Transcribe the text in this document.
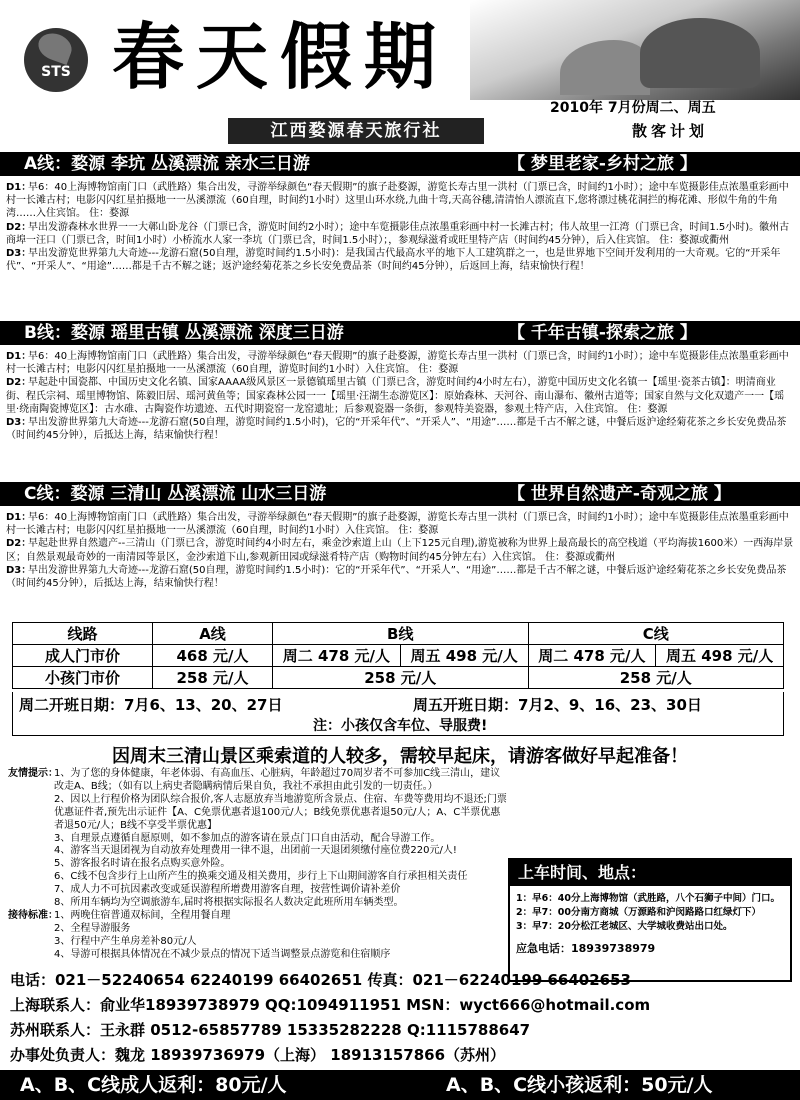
STS 春天假期
江西婺源春天旅行社
2010年 7月份周二、周五
散客计划
A线：婺源 李坑 丛溪漂流 亲水三日游	【 梦里老家-乡村之旅 】

D1：早6：40上海博物馆南门口（武胜路）集合出发，寻游举绿颜色“春天假期”的旗子赴婺源，游览长寿古里一洪村（门票已含，时间约1小时）；途中车览摄影佳点浓墨重彩画中村一长滩古村；电影闪闪红星拍摄地一一丛溪漂流（60自理，时间约1小时）这里山环水绕,九曲十弯,天高谷穗,清清怡人漂流直下,您将漂过桃花洞拦的梅花滩、形似牛角的牛角湾……入住宾馆。 住：婺源

D2：早出发游森林水世界一一大鄣山卧龙谷（门票已含，游览时间约2小时）；途中车览摄影佳点浓墨重彩画中村一长滩古村；伟人故里一江湾（门票已含，时间1.5小时)。徽州古商埠一汪口（门票已含，时间1小时）小桥流水人家一李坑（门票已含，时间1.5小时）；，参观绿滋肴或旺里特产店（时间约45分钟），后入住宾馆。 住：婺源或衢州

D3：早出发游览世界第九大奇迹---龙游石窟(50自理，游览时间约1.5小时)：是我国古代最高水平的地下人工建筑群之一，也是世界地下空间开发利用的一大奇观。它的“开采年代”、“开采人”、“用途”……都是千古不解之谜；返沪途经菊花茶之乡长安免费品茶（时间约45分钟），后返回上海，结束愉快行程！

B线：婺源 瑶里古镇 丛溪漂流 深度三日游	【 千年古镇-探索之旅 】

D1：早6：40上海博物馆南门口（武胜路）集合出发，寻游举绿颜色“春天假期”的旗子赴婺源，游览长寿古里一洪村（门票已含，时间约1小时）；途中车览摄影佳点浓墨重彩画中村一长滩古村；电影闪闪红星拍摄地一一丛溪漂流（60自理，游览时间约1小时）入住宾馆。 住：婺源

D2：早起赴中国瓷都、中国历史文化名镇、国家AAAA级风景区一景德镇瑶里古镇（门票已含，游览时间约4小时左右），游览中国历史文化名镇一【瑶里·瓷茶古镇】：明清商业街、程氏宗祠、瑶里博物馆、陈毅旧居、瑶河黄鱼等；国家森林公园一一【瑶里·汪湖生态游览区】：原始森林、天河谷、南山瀑布、徽州古道等；国家自然与文化双遗产一一【瑶里·绕南陶瓷博览区】：古水碓、古陶瓷作坊遗迹、五代时期瓷窑一龙窑遗址；后参观瓷器一条街，参观特美瓷器，参观土特产店，入住宾馆。 住：婺源

D3：早出发游世界第九大奇迹---龙游石窟(50自理，游览时间约1.5小时)，它的“开采年代”、“开采人”、“用途”……都是千古不解之谜，中餐后返沪途经菊花茶之乡长安免费品茶（时间约45分钟），后抵达上海，结束愉快行程！

C线：婺源 三清山 丛溪漂流 山水三日游	【 世界自然遗产-奇观之旅 】

D1：早6：40上海博物馆南门口（武胜路）集合出发，寻游举绿颜色“春天假期”的旗子赴婺源，游览长寿古里一洪村（门票已含，时间约1小时）；途中车览摄影佳点浓墨重彩画中村一长滩古村；电影闪闪红星拍摄地一一丛溪漂流（60自理，时间约1小时）入住宾馆。 住：婺源

D2：早起赴世界自然遗产--三清山（门票已含，游览时间约4小时左右，乘金沙索道上山（上下125元自理),游览被称为世界上最高最长的高空栈道（平均海拔1600米）一西海岸景区；自然景观最奇妙的一南清园等景区，金沙索道下山,参观新田园或绿滋肴特产店（购物时间约45分钟左右）入住宾馆。 住：婺源或衢州

D3：早出发游世界第九大奇迹---龙游石窟(50自理，游览时间约1.5小时)：它的“开采年代”、“开采人”、“用途”……都是千古不解之谜，中餐后返沪途经菊花茶之乡长安免费品茶（时间约45分钟），后抵达上海，结束愉快行程！

线路	A线	B线		C线	
成人门市价	468 元/人	周二 478 元/人	周五 498 元/人	周二 478 元/人	周五 498 元/人
小孩门市价	258 元/人	258 元/人		258 元/人	
周二开班日期：7月6、13、20、27日	周五开班日期：7月2、9、16、23、30日
注：小孩仅含车位、导服费!
因周末三清山景区乘索道的人较多，需较早起床，请游客做好早起准备！
友情提示：
1、为了您的身体健康，年老体弱、有高血压、心脏病，年龄超过70周岁者不可参加C线三清山，建议改走A、B线；（如有以上病史者隐瞒病情后果自负，我社不承担由此引发的一切责任。）
2、因以上行程价格为团队综合报价,客人志愿放弃当地游览所含景点、住宿、车费等费用均不退还;门票优惠证件者,预先出示证件【A、C免票优惠者退100元/人；B线免票优惠者退50元/人；A、C半票优惠者退50元/人；B线不享受半票优惠】
3、自理景点遵循自愿原则，如不参加点的游客请在景点门口自由活动，配合导游工作。
4、游客当天退团视为自动放弃处理费用一律不退，出团前一天退团须缴付座位费220元/人!
5、游客报名时请在报名点购买意外险。
6、C线不包含步行上山所产生的换乘交通及相关费用，步行上下山期间游客自行承担相关责任
7、成人力不可抗因素改变或延误游程所增费用游客自理，按营性调价请补差价
8、所用车辆均为空调旅游车,届时将根据实际报名人数决定此班所用车辆类型。
接待标准：
1、两晚住宿普通双标间，全程用餐自理
2、全程导游服务
3、行程中产生单房差补80元/人
4、导游可根据具体情况在不减少景点的情况下适当调整景点游览和住宿顺序
上车时间、地点：
1：早6：40分上海博物馆（武胜路，八个石狮子中间）门口。
2：早7：00分南方商城（万源路和沪闵路路口红绿灯下）
3：早7：20分松江老城区、大学城收费站出口处。
应急电话：18939738979
电话：021－52240654 62240199 66402651 传真：021－62240199 66402653
上海联系人：俞业华18939738979 QQ:1094911951 MSN：wyct666@hotmail.com
苏州联系人：王永群 0512-65857789 15335282228 Q:1115788647
办事处负责人：魏龙 18939736979（上海） 18913157866（苏州）
A、B、C线成人返利：80元/人	A、B、C线小孩返利：50元/人
